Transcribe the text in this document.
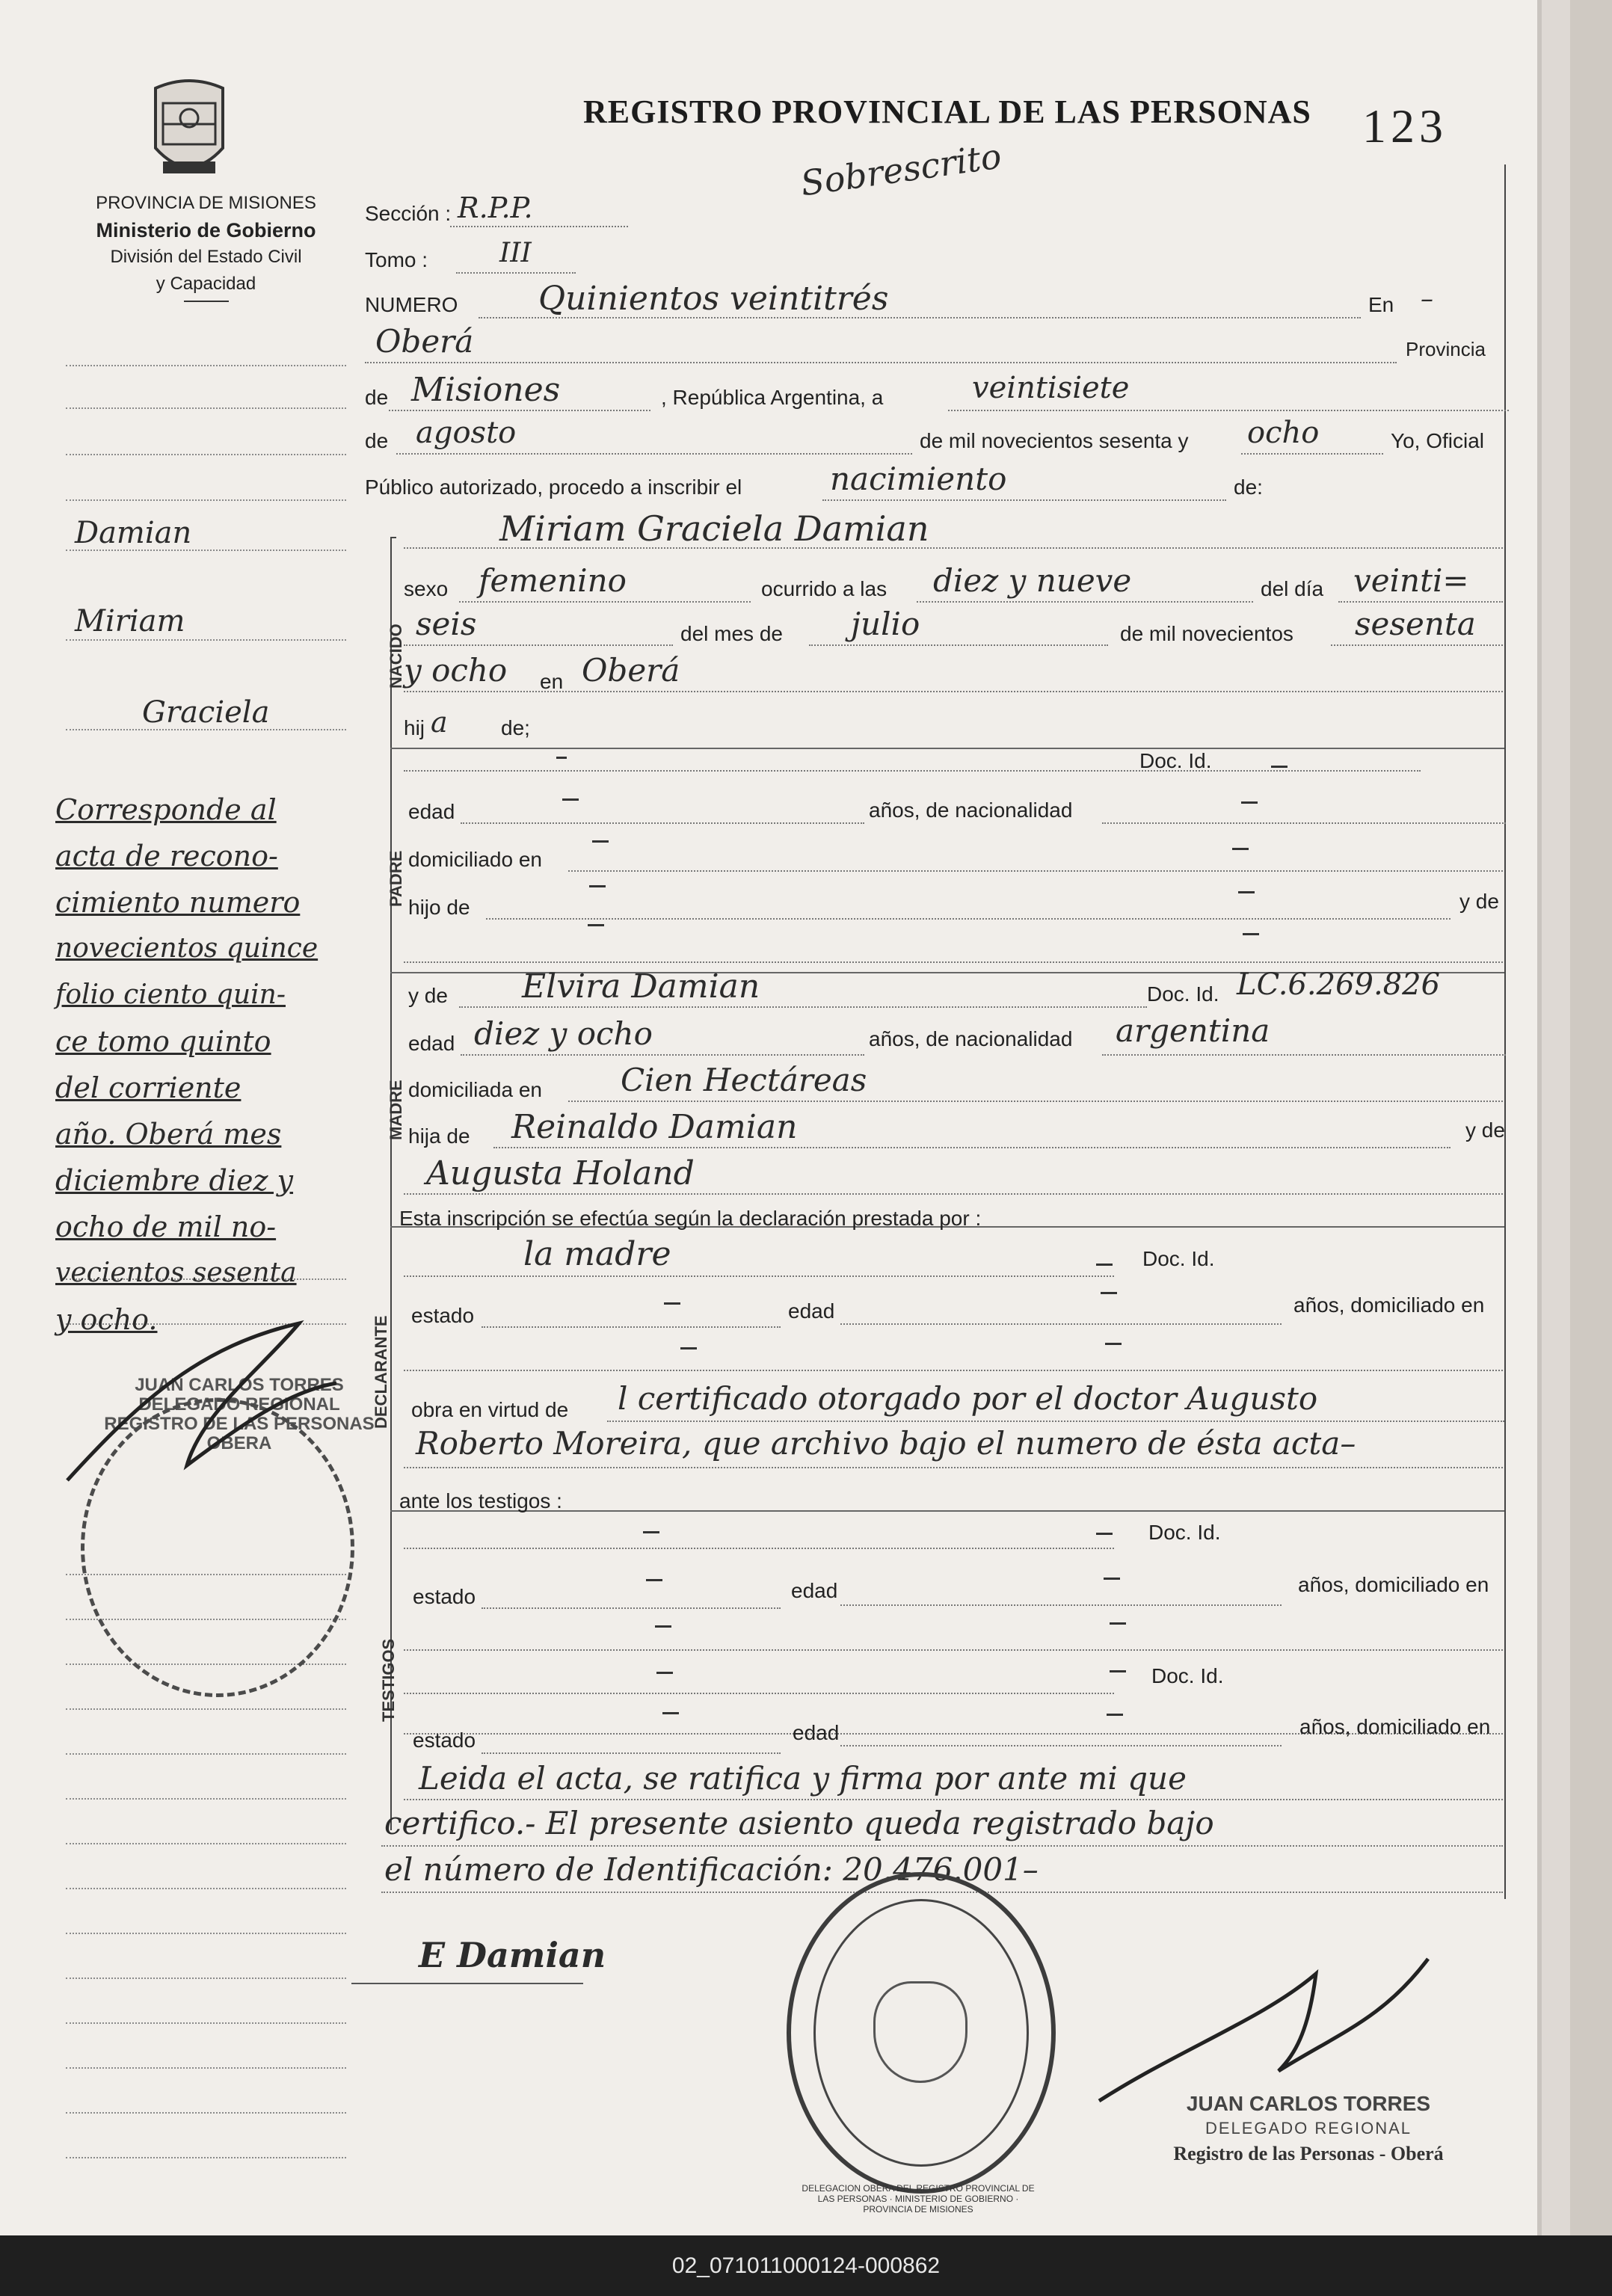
PROVINCIA DE MISIONES
Ministerio de Gobierno
División del Estado Civil
y Capacidad
REGISTRO PROVINCIAL DE LAS PERSONAS 123
Sobrescrito
Damian
Miriam
Graciela
Corresponde al
acta de recono-
cimiento numero
novecientos quince
folio ciento quin-
ce tomo quinto
del corriente
año. Oberá mes
diciembre diez y
ocho de mil no-
vecientos sesenta
y ocho.
JUAN CARLOS TORRES
DELEGADO REGIONAL
REGISTRO DE LAS PERSONAS
OBERA
NACIDO
PADRE
MADRE
DECLARANTE
TESTIGOS
Sección : R.P.P.
Tomo :	III
NUMERO Quinientos veintitrés	En –
Oberá	Provincia
de Misiones	, República Argentina, a	veintisiete
de agosto	de mil novecientos sesenta y ocho	Yo, Oficial
Público autorizado, procedo a inscribir el	nacimiento	de:
Miriam Graciela Damian
sexo femenino	ocurrido a las diez y nueve	del día veinti=
seis	del mes de julio	de mil novecientos sesenta
y ocho en Oberá
hij a	de;
Doc. Id.
edad	años, de nacionalidad
domiciliado en
hijo de	y de
y de Elvira Damian	Doc. Id. LC.6.269.826
edad diez y ocho	años, de nacionalidad argentina
domiciliada en	Cien Hectáreas
hija de Reinaldo Damian	y de
Augusta Holand
Esta inscripción se efectúa según la declaración prestada por :
la madre	Doc. Id.
estado	edad	años, domiciliado en
obra en virtud de l certificado otorgado por el doctor Augusto
Roberto Moreira, que archivo bajo el numero de ésta acta–
ante los testigos :
Doc. Id.
estado	edad	años, domiciliado en
Doc. Id.
estado	edad	años, domiciliado en
Leida el acta, se ratifica y firma por ante mi que
certifico.- El presente asiento queda registrado bajo
el número de Identificación: 20.476.001–
E Damian
DELEGACION OBERA DEL REGISTRO PROVINCIAL DE LAS PERSONAS · MINISTERIO DE GOBIERNO · PROVINCIA DE MISIONES
JUAN CARLOS TORRES
DELEGADO REGIONAL
Registro de las Personas - Oberá
02_071011000124-000862
